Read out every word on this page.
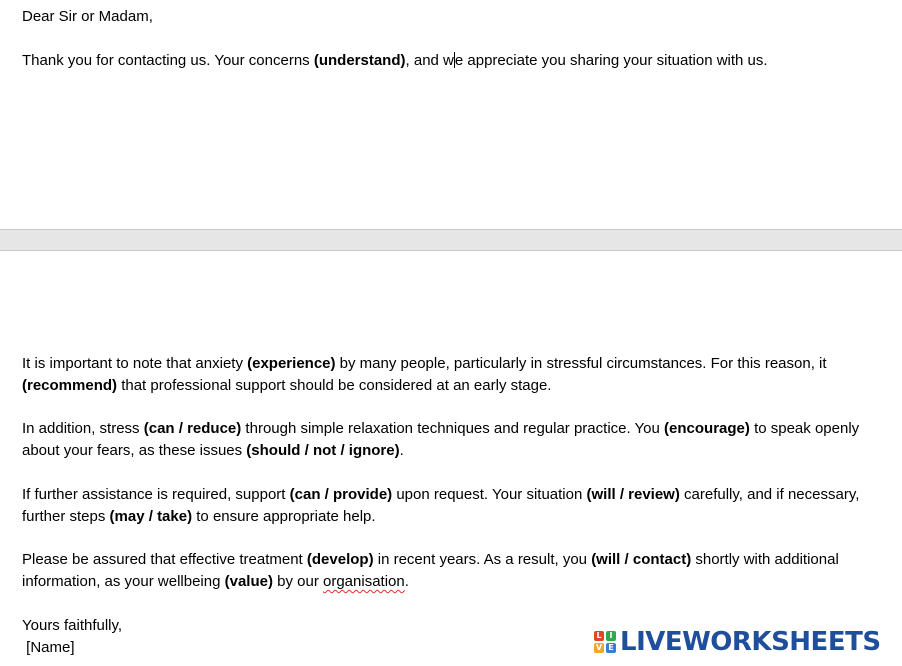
Dear Sir or Madam,
Thank you for contacting us. Your concerns (understand), and we appreciate you sharing your situation with us.
It is important to note that anxiety (experience) by many people, particularly in stressful circumstances. For this reason, it
(recommend) that professional support should be considered at an early stage.
In addition, stress (can / reduce) through simple relaxation techniques and regular practice. You (encourage) to speak openly
about your fears, as these issues (should / not / ignore).
If further assistance is required, support (can / provide) upon request. Your situation (will / review) carefully, and if necessary,
further steps (may / take) to ensure appropriate help.
Please be assured that effective treatment (develop) in recent years. As a result, you (will / contact) shortly with additional
information, as your wellbeing (value) by our organisation.
Yours faithfully,
[Name]
L I
V E LIVEWORKSHEETS
